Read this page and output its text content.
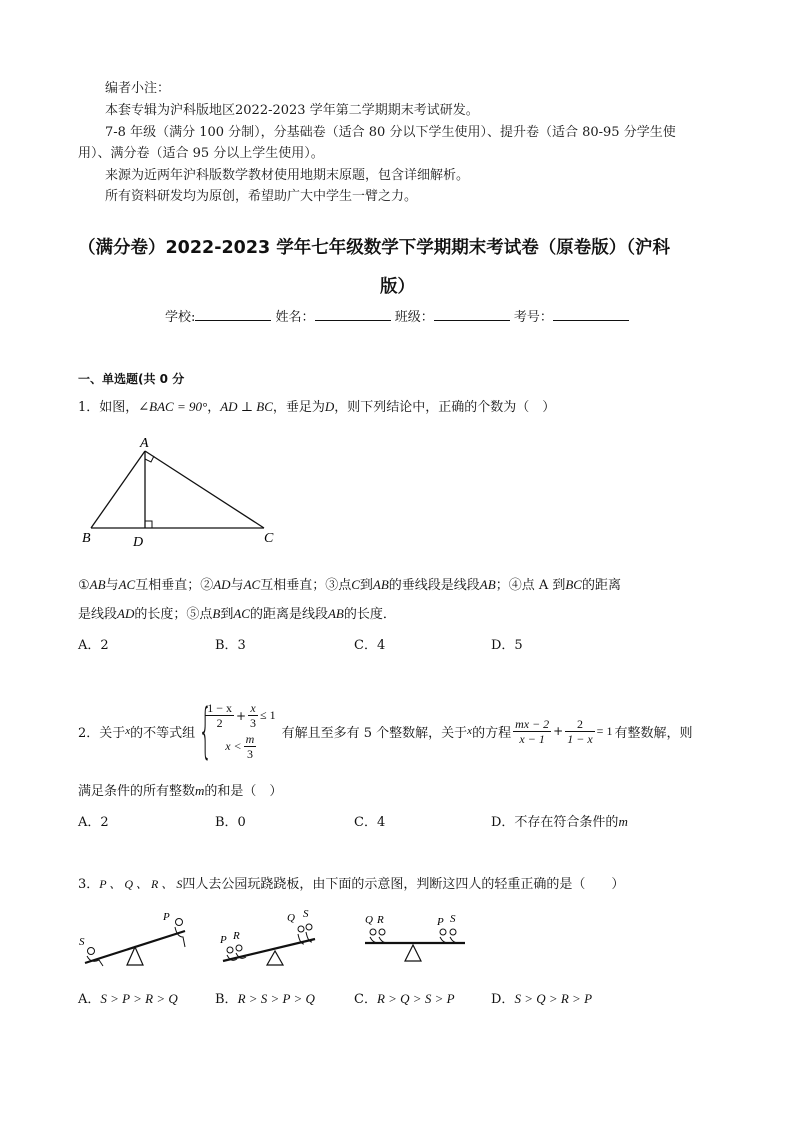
编者小注：
本套专辑为沪科版地区2022-2023 学年第二学期期末考试研发。
7-8 年级（满分 100 分制），分基础卷（适合 80 分以下学生使用）、提升卷（适合 80-95 分学生使
用）、满分卷（适合 95 分以上学生使用）。
来源为近两年沪科版数学教材使用地期末原题，包含详细解析。
所有资料研发均为原创，希望助广大中学生一臂之力。
（满分卷）2022-2023 学年七年级数学下学期期末考试卷（原卷版）（沪科
版）
学校:	姓名：	班级：	考号：
一、单选题(共 0 分
1．如图，∠BAC = 90°，AD ⊥ BC，垂足为D，则下列结论中，正确的个数为（　）
A
B	C
D
①AB与AC互相垂直；②AD与AC互相垂直；③点C到AB的垂线段是线段AB；④点 A 到BC的距离
是线段AD的长度；⑤点B到AC的距离是线段AB的长度．
A．2	B．3	C．4	D．5
2．关于 x 的不等式组 {
$\frac{1 - x}{2} + \frac{x}{3} \le 1$
$x < \frac{m}{3}$ 有解且至多有 5 个整数解，关于 x 的方程 $\frac{mx - 2}{x - 1} + \frac{2}{1 - x} = 1$ 有整数解，则
满足条件的所有整数m的和是（　）
A．2	B．0	C．4	D．不存在符合条件的m
3．P 、 Q 、 R 、 S四人去公园玩跷跷板，由下面的示意图，判断这四人的轻重正确的是（　　）
S
P
P R
Q S	Q R	P S
A．S > P > R > Q	B．R > S > P > Q	C．R > Q > S > P	D．S > Q > R > P
